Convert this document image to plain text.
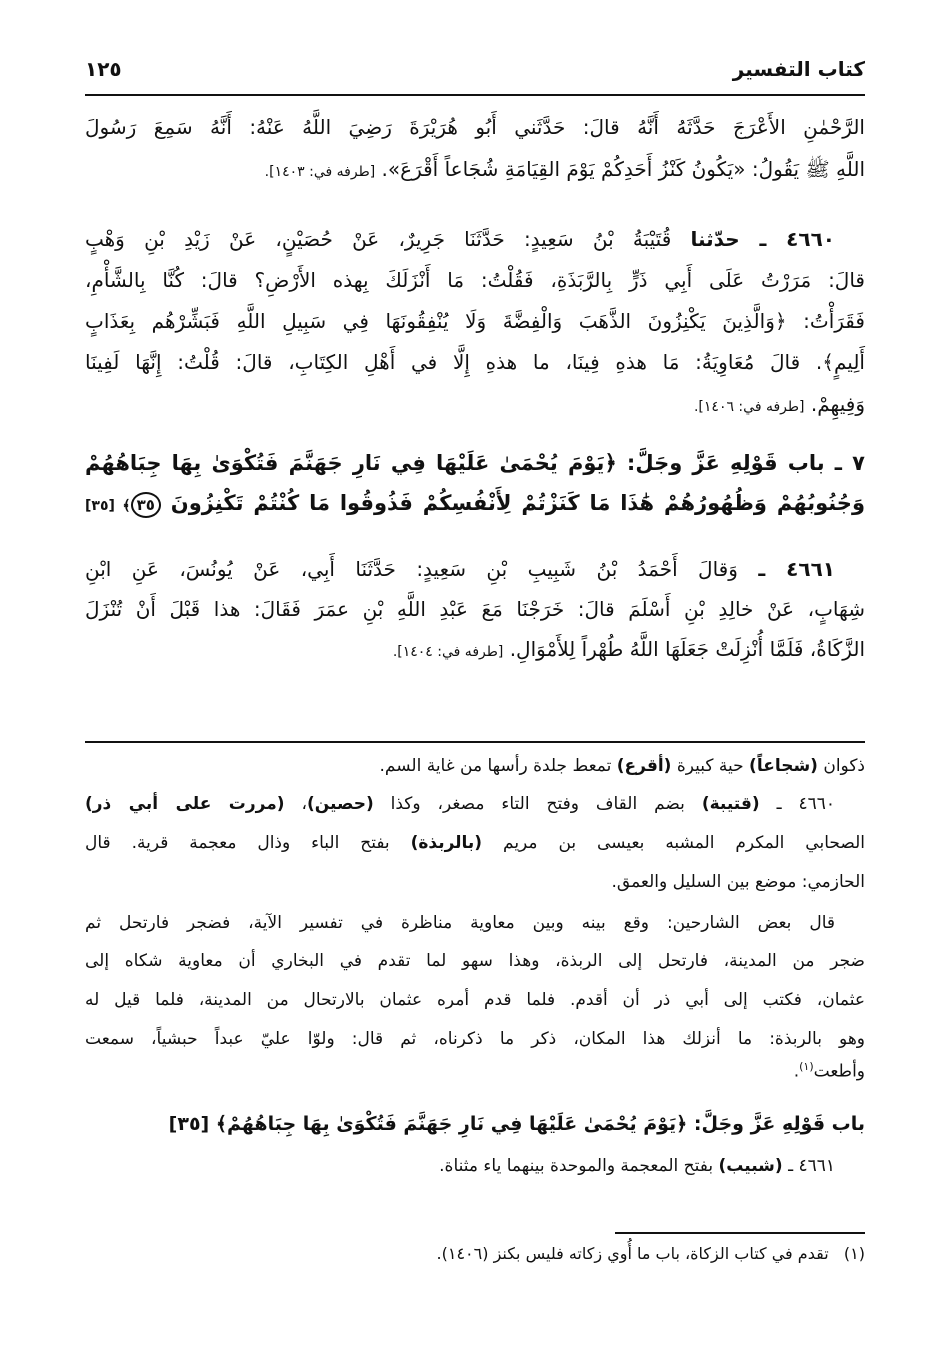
كتاب التفسير
١٢٥
الرَّحْمٰنِ الأَعْرَجَ حَدَّثَهُ أَنَّهُ قالَ: حَدَّثَني أَبُو هُرَيْرَةَ رَضِيَ اللَّهُ عَنْهُ: أَنَّهُ سَمِعَ رَسُولَ
اللَّهِ ﷺ يَقُولُ: «يَكُونُ كَنْزُ أَحَدِكُمْ يَوْمَ القِيَامَةِ شُجَاعاً أَقْرَعَ». [طرفه في: ١٤٠٣].
٤٦٦٠ ـ حدّثنا قُتَيْبَةُ بْنُ سَعِيدٍ: حَدَّثَنَا جَرِيرٌ، عَنْ حُصَيْنٍ، عَنْ زَيْدِ بْنِ وَهْبٍ
قالَ: مَرَرْتُ عَلَى أَبِي ذَرٍّ بِالرَّبَذَةِ، فَقُلْتُ: مَا أَنْزَلَكَ بِهذه الأَرْضِ؟ قالَ: كُنَّا بِالشَّأْمِ،
فَقَرَأْتُ: ﴿وَالَّذِينَ يَكْنِزُونَ الذَّهَبَ وَالْفِضَّةَ وَلَا يُنْفِقُونَهَا فِي سَبِيلِ اللَّهِ فَبَشِّرْهُم بِعَذَابٍ
أَلِيمٍ﴾. قالَ مُعَاوِيَةُ: مَا هذهِ فِينَا، ما هذهِ إِلَّا في أَهْلِ الكِتَابِ، قالَ: قُلْتُ: إِنَّهَا لَفِينَا
وَفِيهِمْ. [طرفه في: ١٤٠٦].
٧ ـ باب قَوْلِهِ عَزَّ وجَلَّ: ﴿يَوْمَ يُحْمَىٰ عَلَيْهَا فِي نَارِ جَهَنَّمَ فَتُكْوَىٰ بِهَا جِبَاهُهُمْ
وَجُنُوبُهُمْ وَظُهُورُهُمْ هَٰذَا مَا كَنَزْتُمْ لِأَنْفُسِكُمْ فَذُوقُوا مَا كُنْتُمْ تَكْنِزُونَ ٣٥﴾ [٣٥]
٤٦٦١ ـ وَقالَ أَحْمَدُ بْنُ شَبِيبِ بْنِ سَعِيدٍ: حَدَّثَنَا أَبِي، عَنْ يُونُسَ، عَنِ ابْنِ
شِهَابٍ، عَنْ خالِدِ بْنِ أَسْلَمَ قالَ: خَرَجْنَا مَعَ عَبْدِ اللَّهِ بْنِ عمَرَ فَقَالَ: هذا قَبْلَ أَنْ تُنْزَلَ
الزَّكَاةُ، فَلَمَّا أُنْزِلَتْ جَعَلَهَا اللَّهُ طُهْراً لِلأَمْوَالِ. [طرفه في: ١٤٠٤].
ذكوان (شجاعاً) حية كبيرة (أقرع) تمعط جلدة رأسها من غاية السم.
٤٦٦٠ ـ (قتيبة) بضم القاف وفتح التاء مصغر، وكذا (حصين)، (مررت على أبي ذر)
الصحابي المكرم المشبه بعيسى بن مريم (بالربذة) بفتح الباء وذال معجمة قرية. قال
الحازمي: موضع بين السليل والعمق.
قال بعض الشارحين: وقع بينه وبين معاوية مناظرة في تفسير الآية، فضجر فارتحل ثم
ضجر من المدينة، فارتحل إلى الربذة، وهذا سهو لما تقدم في البخاري أن معاوية شكاه إلى
عثمان، فكتب إلى أبي ذر أن أقدم. فلما قدم أمره عثمان بالارتحال من المدينة، فلما قيل له
وهو بالربذة: ما أنزلك هذا المكان، ذكر ما ذكرناه، ثم قال: ولوّا عليّ عبداً حبشياً، سمعت
وأطعت$^{(١)}$.
باب قَوْلِهِ عَزَّ وجَلَّ: ﴿يَوْمَ يُحْمَىٰ عَلَيْهَا فِي نَارِ جَهَنَّمَ فَتُكْوَىٰ بِهَا جِبَاهُهُمْ﴾ [٣٥]
٤٦٦١ ـ (شبيب) بفتح المعجمة والموحدة بينهما ياء مثناة.
(١)   تقدم في كتاب الزكاة، باب ما أُوي زكاته فليس بكنز (١٤٠٦).
